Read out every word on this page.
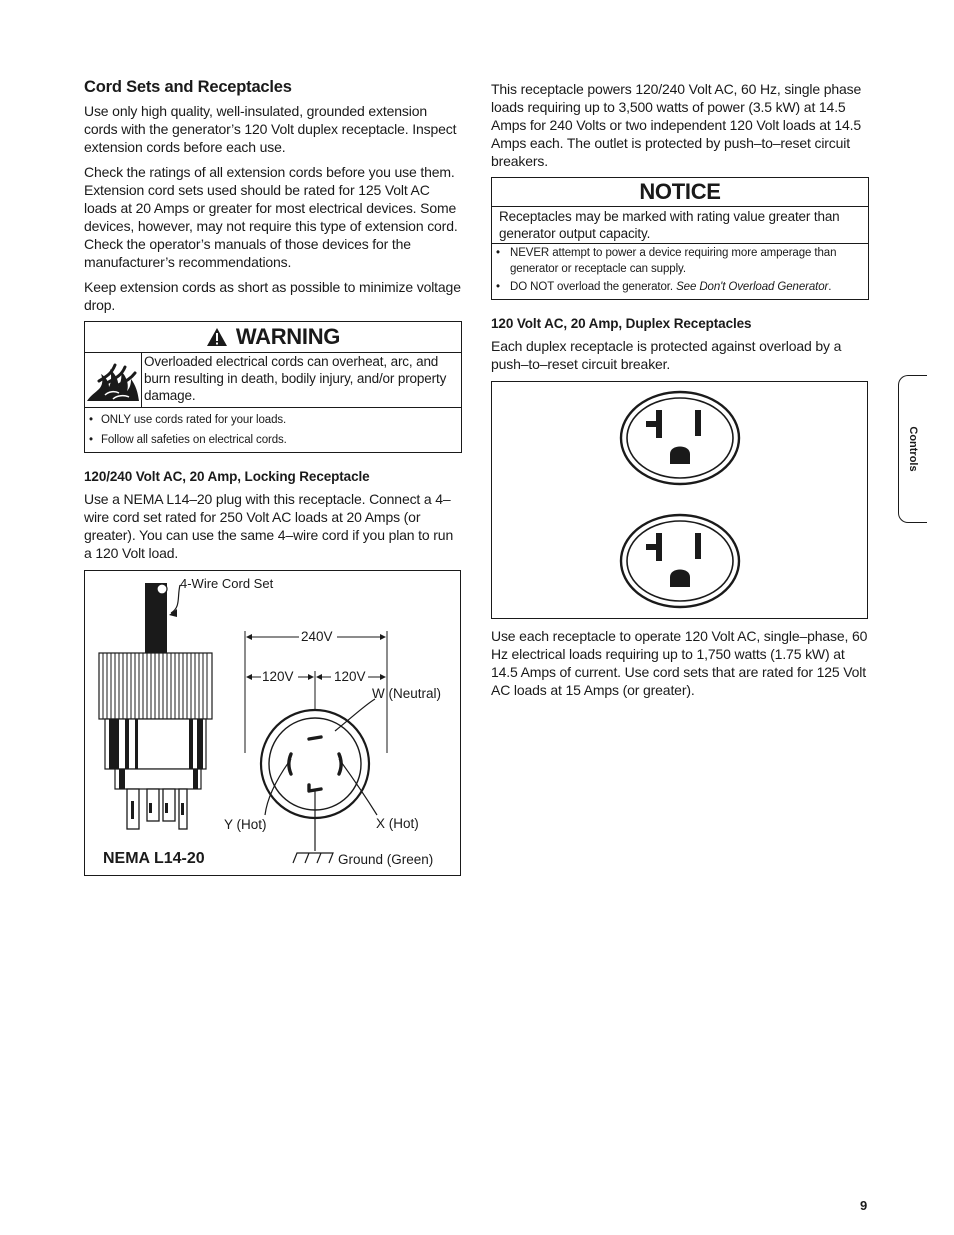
Cord Sets and Receptacles

Use only high quality, well-insulated, grounded extension cords with the generator’s 120 Volt duplex receptacle. Inspect extension cords before each use.

Check the ratings of all extension cords before you use them. Extension cord sets used should be rated for 125 Volt AC loads at 20 Amps or greater for most electrical devices. Some devices, however, may not require this type of extension cord. Check the operator’s manuals of those devices for the manufacturer’s recommendations.

Keep extension cords as short as possible to minimize voltage drop.

WARNING
Overloaded electrical cords can overheat, arc, and burn resulting in death, bodily injury, and/or property damage.
• ONLY use cords rated for your loads.
• Follow all safeties on electrical cords.
120/240 Volt AC, 20 Amp, Locking Receptacle

Use a NEMA L14–20 plug with this receptacle. Connect a 4–wire cord set rated for 250 Volt AC loads at 20 Amps (or greater). You can use the same 4–wire cord if you plan to run a 120 Volt load.

4-Wire Cord Set
NEMA L14-20
240V
120V	120V
W (Neutral)
Y (Hot)	X (Hot)
Ground (Green)

This receptacle powers 120/240 Volt AC, 60 Hz, single phase loads requiring up to 3,500 watts of power (3.5 kW) at 14.5 Amps for 240 Volts or two independent 120 Volt loads at 14.5 Amps each. The outlet is protected by push–to–reset circuit breakers.

NOTICE
Receptacles may be marked with rating value greater than generator output capacity.
• NEVER attempt to power a device requiring more amperage than generator or receptacle can supply.
• DO NOT overload the generator. See Don't Overload Generator.
120 Volt AC, 20 Amp, Duplex Receptacles

Each duplex receptacle is protected against overload by a push–to–reset circuit breaker.

Use each receptacle to operate 120 Volt AC, single–phase, 60 Hz electrical loads requiring up to 1,750 watts (1.75 kW) at 14.5 Amps of current. Use cord sets that are rated for 125 Volt AC loads at 15 Amps (or greater).

Controls
9
